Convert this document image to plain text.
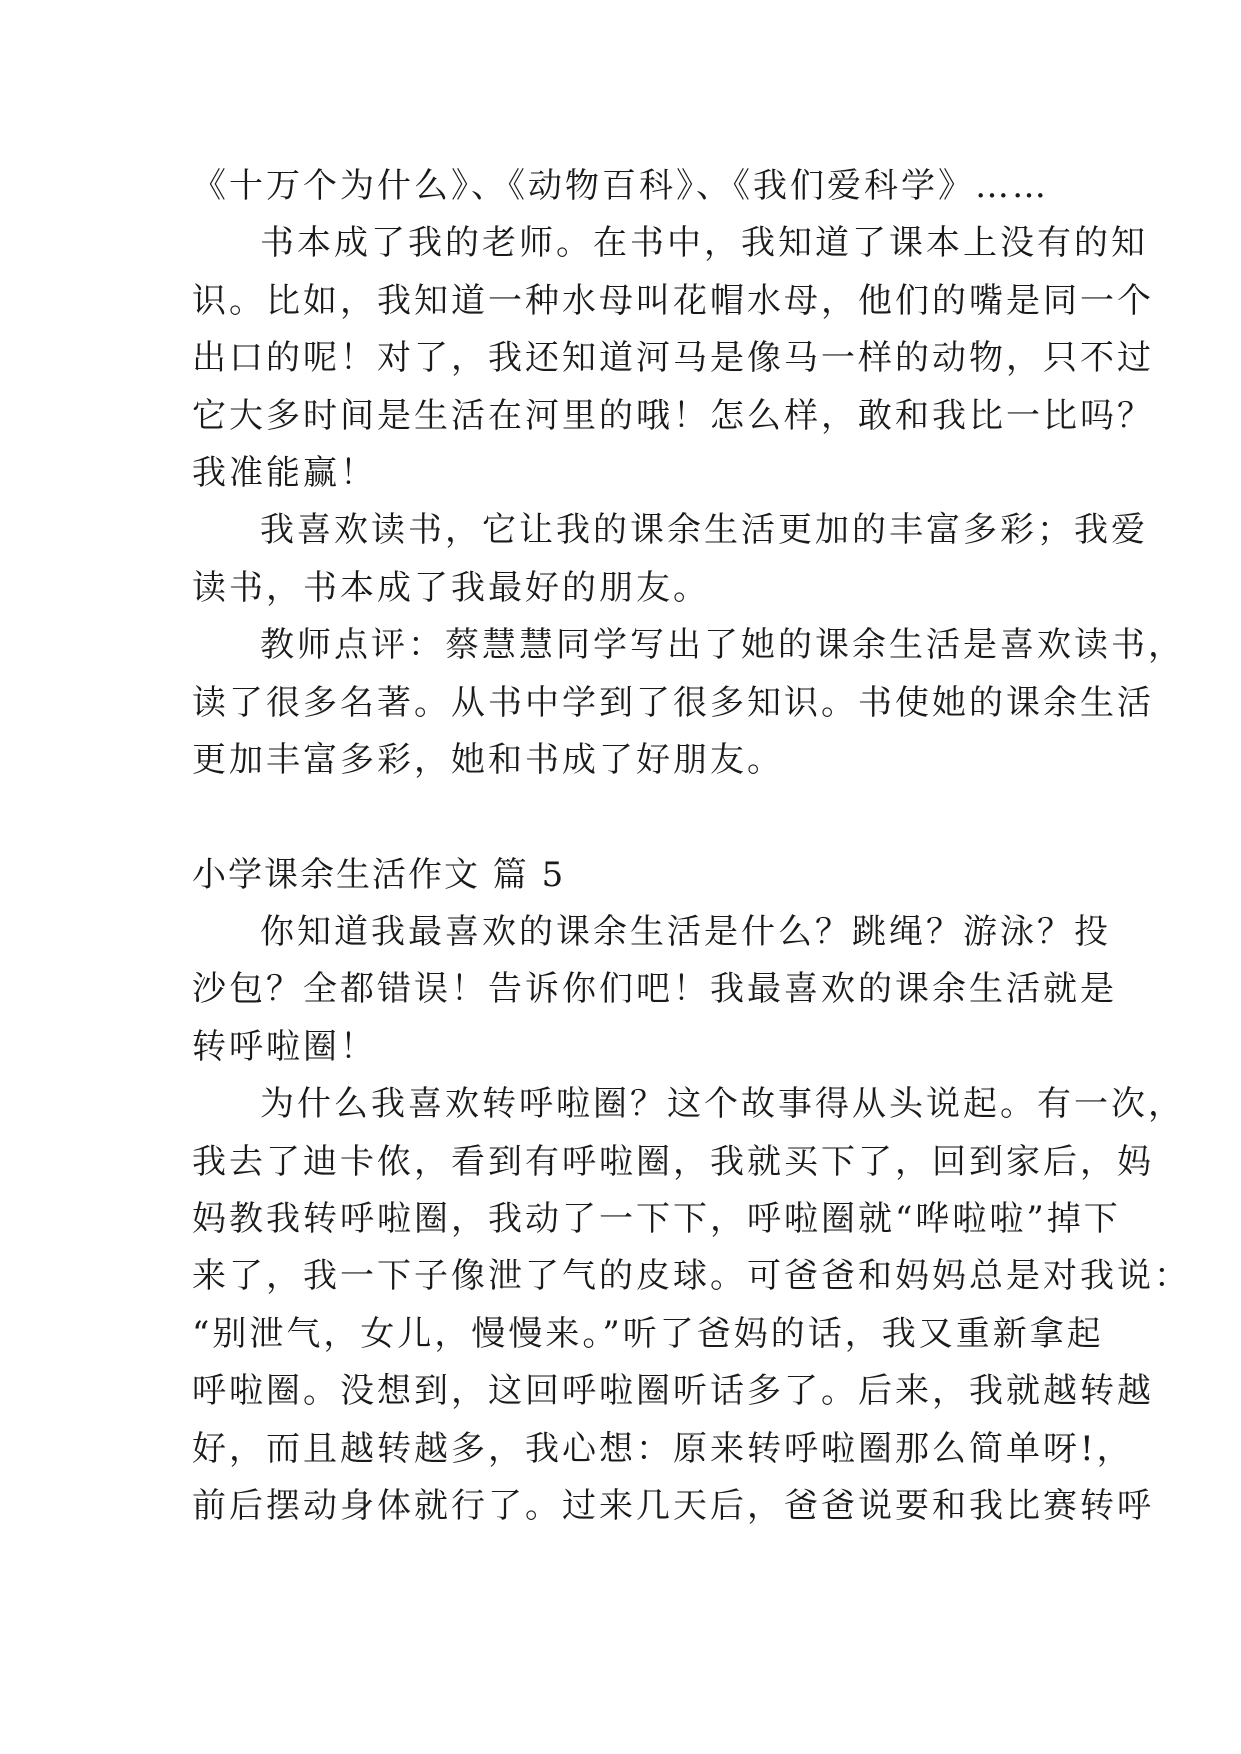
《十万个为什么》、《动物百科》、《我们爱科学》……
书本成了我的老师。在书中，我知道了课本上没有的知
识。比如，我知道一种水母叫花帽水母，他们的嘴是同一个
出口的呢！对了，我还知道河马是像马一样的动物，只不过
它大多时间是生活在河里的哦！怎么样，敢和我比一比吗？
我准能赢！
我喜欢读书，它让我的课余生活更加的丰富多彩；我爱
读书，书本成了我最好的朋友。
教师点评：蔡慧慧同学写出了她的课余生活是喜欢读书，
读了很多名著。从书中学到了很多知识。书使她的课余生活
更加丰富多彩，她和书成了好朋友。
小学课余生活作文 篇 5
你知道我最喜欢的课余生活是什么？跳绳？游泳？投
沙包？全都错误！告诉你们吧！我最喜欢的课余生活就是
转呼啦圈！
为什么我喜欢转呼啦圈？这个故事得从头说起。有一次，
我去了迪卡侬，看到有呼啦圈，我就买下了，回到家后，妈
妈教我转呼啦圈，我动了一下下，呼啦圈就“哗啦啦”掉下
来了，我一下子像泄了气的皮球。可爸爸和妈妈总是对我说：
“别泄气，女儿，慢慢来。”听了爸妈的话，我又重新拿起
呼啦圈。没想到，这回呼啦圈听话多了。后来，我就越转越
好，而且越转越多，我心想：原来转呼啦圈那么简单呀!，
前后摆动身体就行了。过来几天后，爸爸说要和我比赛转呼
